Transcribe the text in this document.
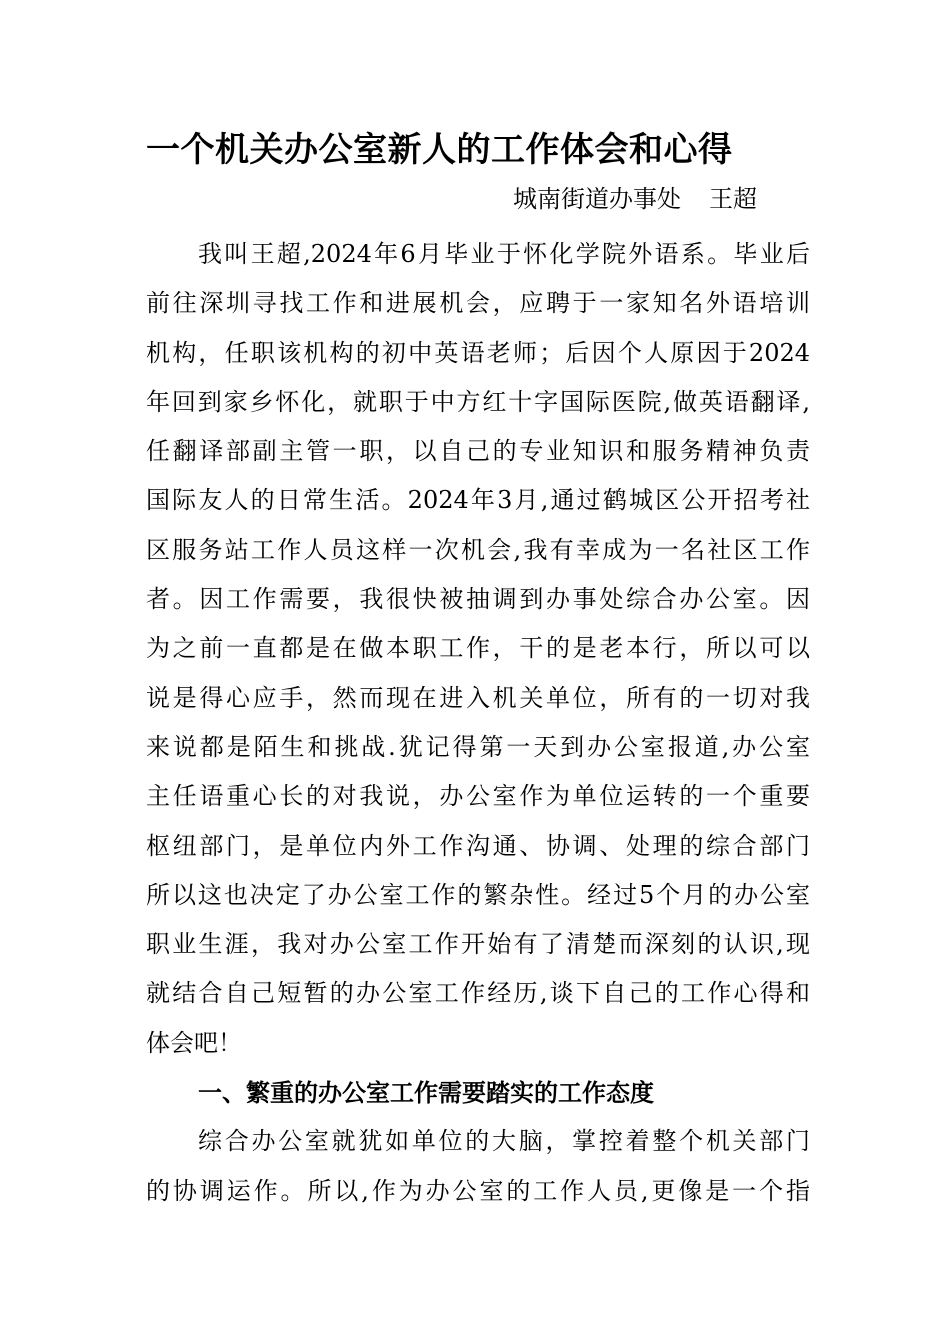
一个机关办公室新人的工作体会和心得

城南街道办事处 王超

我叫王超,2024年6月毕业于怀化学院外语系。毕业后
前往深圳寻找工作和进展机会，应聘于一家知名外语培训
机构，任职该机构的初中英语老师；后因个人原因于2024
年回到家乡怀化，就职于中方红十字国际医院,做英语翻译,
任翻译部副主管一职，以自己的专业知识和服务精神负责
国际友人的日常生活。2024年3月,通过鹤城区公开招考社
区服务站工作人员这样一次机会,我有幸成为一名社区工作
者。因工作需要，我很快被抽调到办事处综合办公室。因
为之前一直都是在做本职工作，干的是老本行，所以可以
说是得心应手，然而现在进入机关单位，所有的一切对我
来说都是陌生和挑战.犹记得第一天到办公室报道,办公室
主任语重心长的对我说，办公室作为单位运转的一个重要
枢纽部门，是单位内外工作沟通、协调、处理的综合部门
所以这也决定了办公室工作的繁杂性。经过5个月的办公室
职业生涯，我对办公室工作开始有了清楚而深刻的认识,现
就结合自己短暂的办公室工作经历,谈下自己的工作心得和
体会吧！
一、繁重的办公室工作需要踏实的工作态度
综合办公室就犹如单位的大脑，掌控着整个机关部门
的协调运作。所以,作为办公室的工作人员,更像是一个指
